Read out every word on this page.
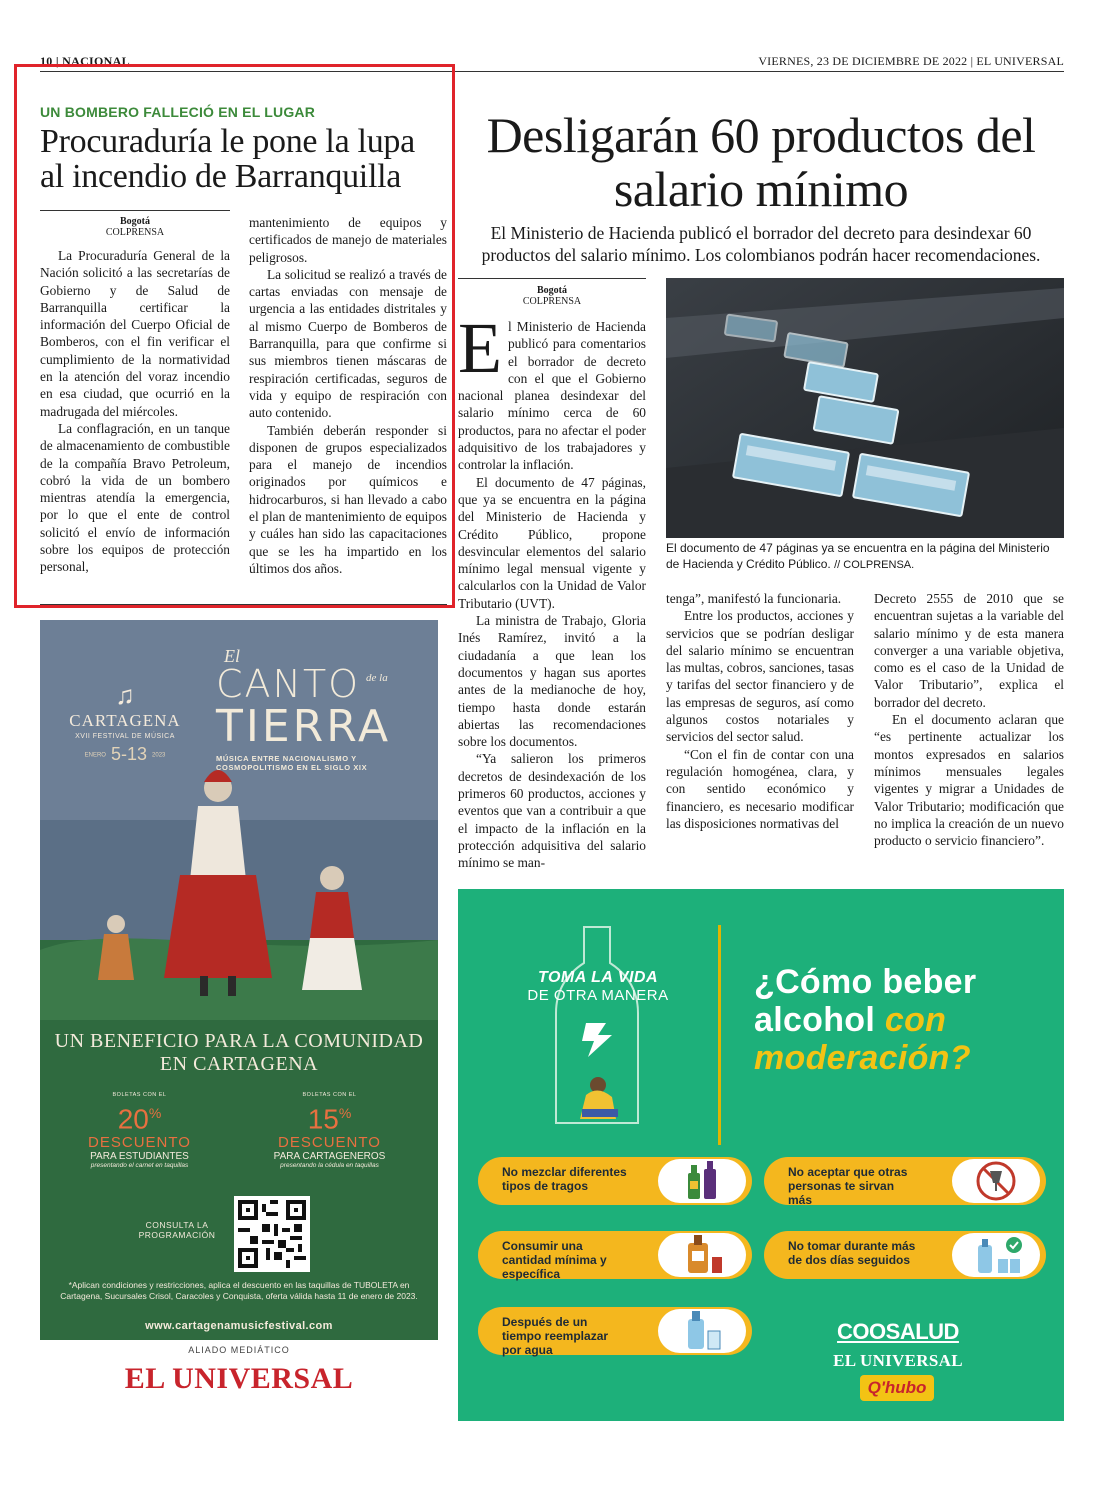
10 | NACIONAL	VIERNES, 23 DE DICIEMBRE DE 2022 | EL UNIVERSAL
UN BOMBERO FALLECIÓ EN EL LUGAR
Procuraduría le pone la lupa al incendio de Barranquilla
Bogotá
COLPRENSA

La Procuraduría General de la Nación solicitó a las secretarías de Gobierno y de Salud de Barranquilla certificar la información del Cuerpo Oficial de Bomberos, con el fin verificar el cumplimiento de la normatividad en la atención del voraz incendio en esa ciudad, que ocurrió en la madrugada del miércoles.

La conflagración, en un tanque de almacenamiento de combustible de la compañía Bravo Petroleum, cobró la vida de un bombero mientras atendía la emergencia, por lo que el ente de control solicitó el envío de información sobre los equipos de protección personal,

mantenimiento de equipos y certificados de manejo de materiales peligrosos.

La solicitud se realizó a través de cartas enviadas con mensaje de urgencia a las entidades distritales y al mismo Cuerpo de Bomberos de Barranquilla, para que confirme si sus miembros tienen máscaras de respiración certificadas, seguros de vida y equipo de respiración con auto contenido.

También deberán responder si disponen de grupos especializados para el manejo de incendios originados por químicos e hidrocarburos, si han llevado a cabo el plan de mantenimiento de equipos y cuáles han sido las capacitaciones que se les ha impartido en los últimos dos años.

Desligarán 60 productos del salario mínimo
El Ministerio de Hacienda publicó el borrador del decreto para desindexar 60 productos del salario mínimo. Los colombianos podrán hacer recomendaciones.
Bogotá
COLPRENSA

El Ministerio de Hacienda publicó para comentarios el borrador de decreto con el que el Gobierno nacional planea desindexar del salario mínimo cerca de 60 productos, para no afectar el poder adquisitivo de los trabajadores y controlar la inflación.

El documento de 47 páginas, que ya se encuentra en la página del Ministerio de Hacienda y Crédito Público, propone desvincular elementos del salario mínimo legal mensual vigente y calcularlos con la Unidad de Valor Tributario (UVT).

La ministra de Trabajo, Gloria Inés Ramírez, invitó a la ciudadanía a que lean los documentos y hagan sus aportes antes de la medianoche de hoy, tiempo hasta donde estarán abiertas las recomendaciones sobre los documentos.

“Ya salieron los primeros decretos de desindexación de los primeros 60 productos, acciones y eventos que van a contribuir a que el impacto de la inflación en la protección adquisitiva del salario mínimo se man-

El documento de 47 páginas ya se encuentra en la página del Ministerio de Hacienda y Crédito Público. // COLPRENSA.

tenga”, manifestó la funcionaria.

Entre los productos, acciones y servicios que se podrían desligar del salario mínimo se encuentran las multas, cobros, sanciones, tasas y tarifas del sector financiero y de las empresas de seguros, así como algunos costos notariales y servicios del sector salud.

“Con el fin de contar con una regulación homogénea, clara, y con sentido económico y financiero, es necesario modificar las disposiciones normativas del

Decreto 2555 de 2010 que se encuentran sujetas a la variable del salario mínimo y de esta manera converger a una variable objetiva, como es el caso de la Unidad de Valor Tributario”, explica el borrador del decreto.

En el documento aclaran que “es pertinente actualizar los montos expresados en salarios mínimos mensuales legales vigentes y migrar a Unidades de Valor Tributario; modificación que no implica la creación de un nuevo producto o servicio financiero”.

♫
CARTAGENA
XVII FESTIVAL DE MÚSICA
ENERO 5-13 2023
El
CANTO de la
TIERRA
MÚSICA ENTRE NACIONALISMO Y COSMOPOLITISMO EN EL SIGLO XIX
UN BENEFICIO PARA LA COMUNIDAD EN CARTAGENA
BOLETAS CON EL
20%
DESCUENTO
PARA ESTUDIANTES
presentando el carnet en taquillas
BOLETAS CON EL
15%
DESCUENTO
PARA CARTAGENEROS
presentando la cédula en taquillas
CONSULTA LA PROGRAMACIÓN
*Aplican condiciones y restricciones, aplica el descuento en las taquillas de TUBOLETA en Cartagena, Sucursales Crisol, Caracoles y Conquista, oferta válida hasta 11 de enero de 2023.
www.cartagenamusicfestival.com
ALIADO MEDIÁTICO
EL UNIVERSAL
TOMA LA VIDA
DE OTRA MANERA	¿Cómo beber
alcohol con
moderación?
No mezclar diferentes tipos de tragos
No aceptar que otras personas te sirvan más
Consumir una cantidad mínima y específica
No tomar durante más de dos días seguidos
Después de un tiempo reemplazar por agua
COOSALUD
EL UNIVERSAL
Q'hubo
